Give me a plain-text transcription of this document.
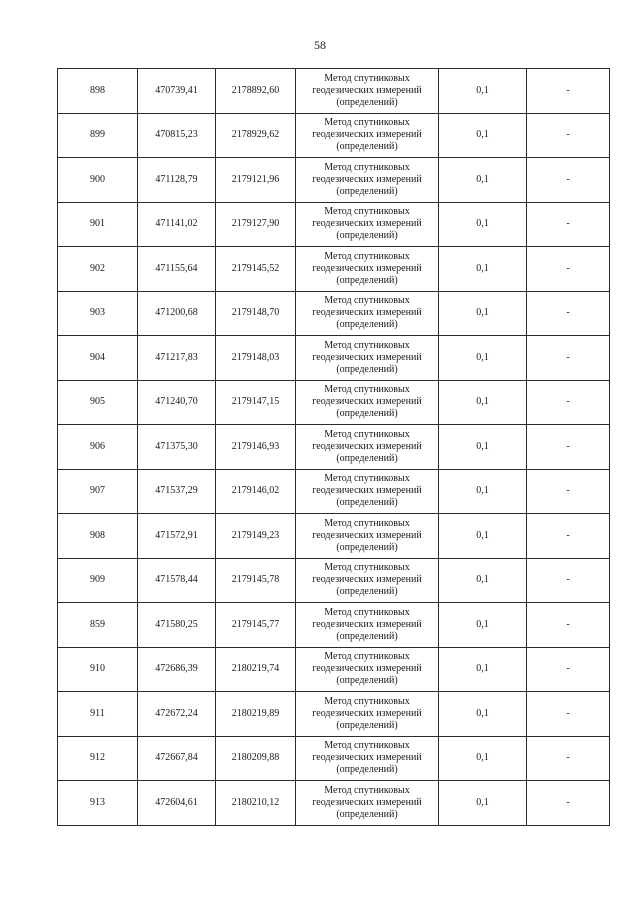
58
898	470739,41	2178892,60	Метод спутниковых
геодезических измерений
(определений)	0,1	-
899	470815,23	2178929,62	Метод спутниковых
геодезических измерений
(определений)	0,1	-
900	471128,79	2179121,96	Метод спутниковых
геодезических измерений
(определений)	0,1	-
901	471141,02	2179127,90	Метод спутниковых
геодезических измерений
(определений)	0,1	-
902	471155,64	2179145,52	Метод спутниковых
геодезических измерений
(определений)	0,1	-
903	471200,68	2179148,70	Метод спутниковых
геодезических измерений
(определений)	0,1	-
904	471217,83	2179148,03	Метод спутниковых
геодезических измерений
(определений)	0,1	-
905	471240,70	2179147,15	Метод спутниковых
геодезических измерений
(определений)	0,1	-
906	471375,30	2179146,93	Метод спутниковых
геодезических измерений
(определений)	0,1	-
907	471537,29	2179146,02	Метод спутниковых
геодезических измерений
(определений)	0,1	-
908	471572,91	2179149,23	Метод спутниковых
геодезических измерений
(определений)	0,1	-
909	471578,44	2179145,78	Метод спутниковых
геодезических измерений
(определений)	0,1	-
859	471580,25	2179145,77	Метод спутниковых
геодезических измерений
(определений)	0,1	-
910	472686,39	2180219,74	Метод спутниковых
геодезических измерений
(определений)	0,1	-
911	472672,24	2180219,89	Метод спутниковых
геодезических измерений
(определений)	0,1	-
912	472667,84	2180209,88	Метод спутниковых
геодезических измерений
(определений)	0,1	-
913	472604,61	2180210,12	Метод спутниковых
геодезических измерений
(определений)	0,1	-
